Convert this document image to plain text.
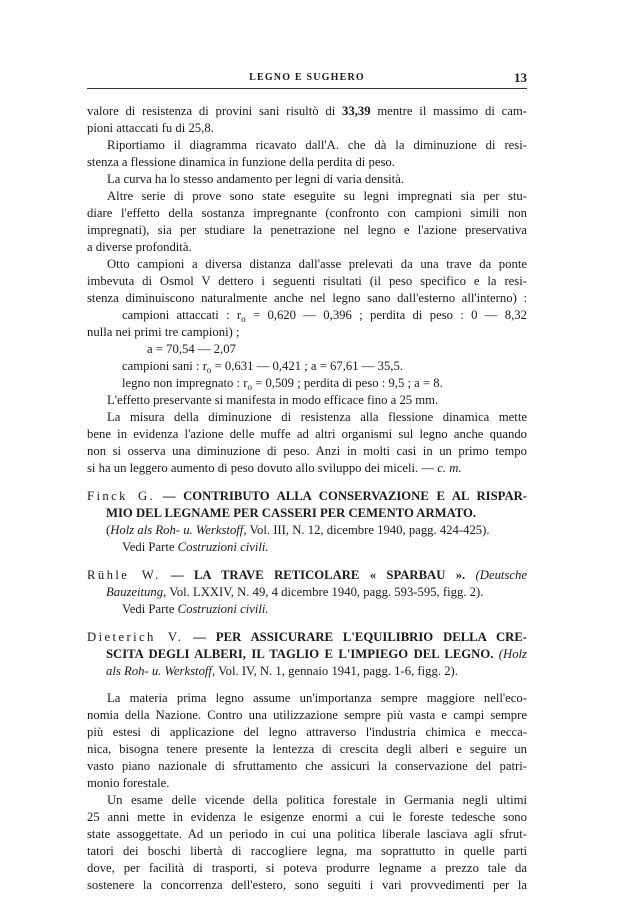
LEGNO E SUGHERO	13
valore di resistenza di provini sani risultò di 33,39 mentre il massimo di cam-
pioni attaccati fu di 25,8.
Riportiamo il diagramma ricavato dall'A. che dà la diminuzione di resi-
stenza a flessione dinamica in funzione della perdita di peso.
La curva ha lo stesso andamento per legni di varia densità.
Altre serie di prove sono state eseguite su legni impregnati sia per stu-
diare l'effetto della sostanza impregnante (confronto con campioni simili non
impregnati), sia per studiare la penetrazione nel legno e l'azione preservativa
a diverse profondità.
Otto campioni a diversa distanza dall'asse prelevati da una trave da ponte
imbevuta di Osmol V dettero i seguenti risultati (il peso specifico e la resi-
stenza diminuiscono naturalmente anche nel legno sano dall'esterno all'interno) :
campioni attaccati : $r_o = 0,620$ — 0,396 ; perdita di peso : 0 — 8,32
nulla nei primi tre campioni) ;
a = 70,54 — 2,07
campioni sani : $r_o = 0,631$ — 0,421 ; a = 67,61 — 35,5.
legno non impregnato : $r_o = 0,509$ ; perdita di peso : 9,5 ; a = 8.
L'effetto preservante si manifesta in modo efficace fino a 25 mm.
La misura della diminuzione di resistenza alla flessione dinamica mette
bene in evidenza l'azione delle muffe ad altri organismi sul legno anche quando
non si osserva una diminuzione di peso. Anzi in molti casi in un primo tempo
si ha un leggero aumento di peso dovuto allo sviluppo dei miceli. — c. m.
Finck G. — CONTRIBUTO ALLA CONSERVAZIONE E AL RISPAR-
MIO DEL LEGNAME PER CASSERI PER CEMENTO ARMATO.
(Holz als Roh- u. Werkstoff, Vol. III, N. 12, dicembre 1940, pagg. 424-425).
Vedi Parte Costruzioni civili.
Rühle W. — LA TRAVE RETICOLARE « SPARBAU ». (Deutsche
Bauzeitung, Vol. LXXIV, N. 49, 4 dicembre 1940, pagg. 593-595, figg. 2).
Vedi Parte Costruzioni civili.
Dieterich V. — PER ASSICURARE L'EQUILIBRIO DELLA CRE-
SCITA DEGLI ALBERI, IL TAGLIO E L'IMPIEGO DEL LEGNO. (Holz
als Roh- u. Werkstoff, Vol. IV, N. 1, gennaio 1941, pagg. 1-6, figg. 2).
La materia prima legno assume un'importanza sempre maggiore nell'eco-
nomia della Nazione. Contro una utilizzazione sempre più vasta e campi sempre
più estesi di applicazione del legno attraverso l'industria chimica e mecca-
nica, bisogna tenere presente la lentezza di crescita degli alberi e seguire un
vasto piano nazionale di sfruttamento che assicuri la conservazione del patri-
monio forestale.
Un esame delle vicende della politica forestale in Germania negli ultimi
25 anni mette in evidenza le esigenze enormi a cui le foreste tedesche sono
state assoggettate. Ad un periodo in cui una politica liberale lasciava agli sfrut-
tatori dei boschi libertà di raccogliere legna, ma soprattutto in quelle parti
dove, per facilità di trasporti, si poteva produrre legname a prezzo tale da
sostenere la concorrenza dell'estero, sono seguiti i vari provvedimenti per la
